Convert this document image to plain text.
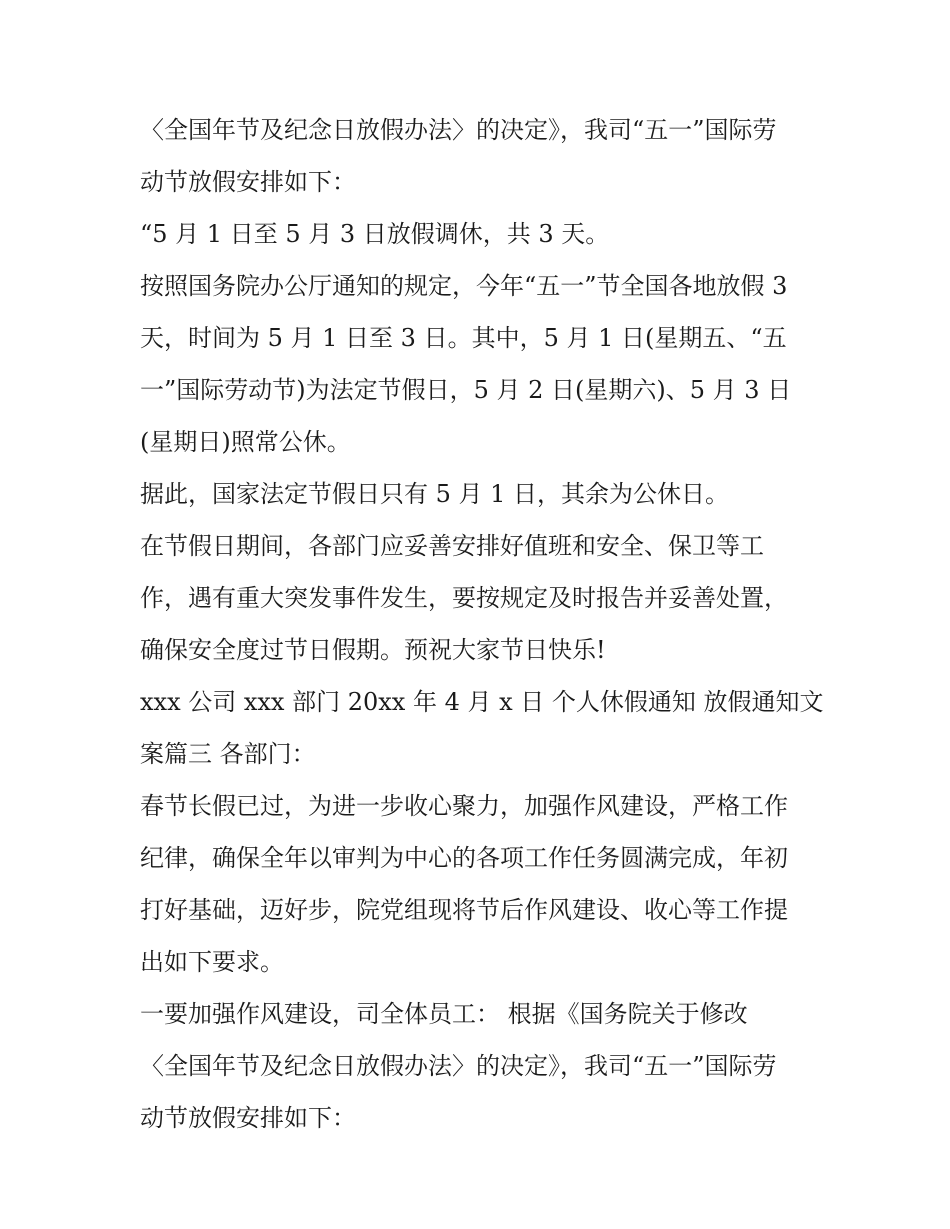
〈全国年节及纪念日放假办法〉的决定》，我司“五一”国际劳
动节放假安排如下：
“5 月 1 日至 5 月 3 日放假调休，共 3 天。
按照国务院办公厅通知的规定，今年“五一”节全国各地放假 3
天，时间为 5 月 1 日至 3 日。其中，5 月 1 日(星期五、“五
一”国际劳动节)为法定节假日，5 月 2 日(星期六)、5 月 3 日
(星期日)照常公休。
据此，国家法定节假日只有 5 月 1 日，其余为公休日。
在节假日期间，各部门应妥善安排好值班和安全、保卫等工
作，遇有重大突发事件发生，要按规定及时报告并妥善处置，
确保安全度过节日假期。预祝大家节日快乐!
xxx 公司 xxx 部门 20xx 年 4 月 x 日 个人休假通知 放假通知文
案篇三 各部门：
春节长假已过，为进一步收心聚力，加强作风建设，严格工作
纪律，确保全年以审判为中心的各项工作任务圆满完成，年初
打好基础，迈好步，院党组现将节后作风建设、收心等工作提
出如下要求。
一要加强作风建设，司全体员工： 根据《国务院关于修改
〈全国年节及纪念日放假办法〉的决定》，我司“五一”国际劳
动节放假安排如下：
